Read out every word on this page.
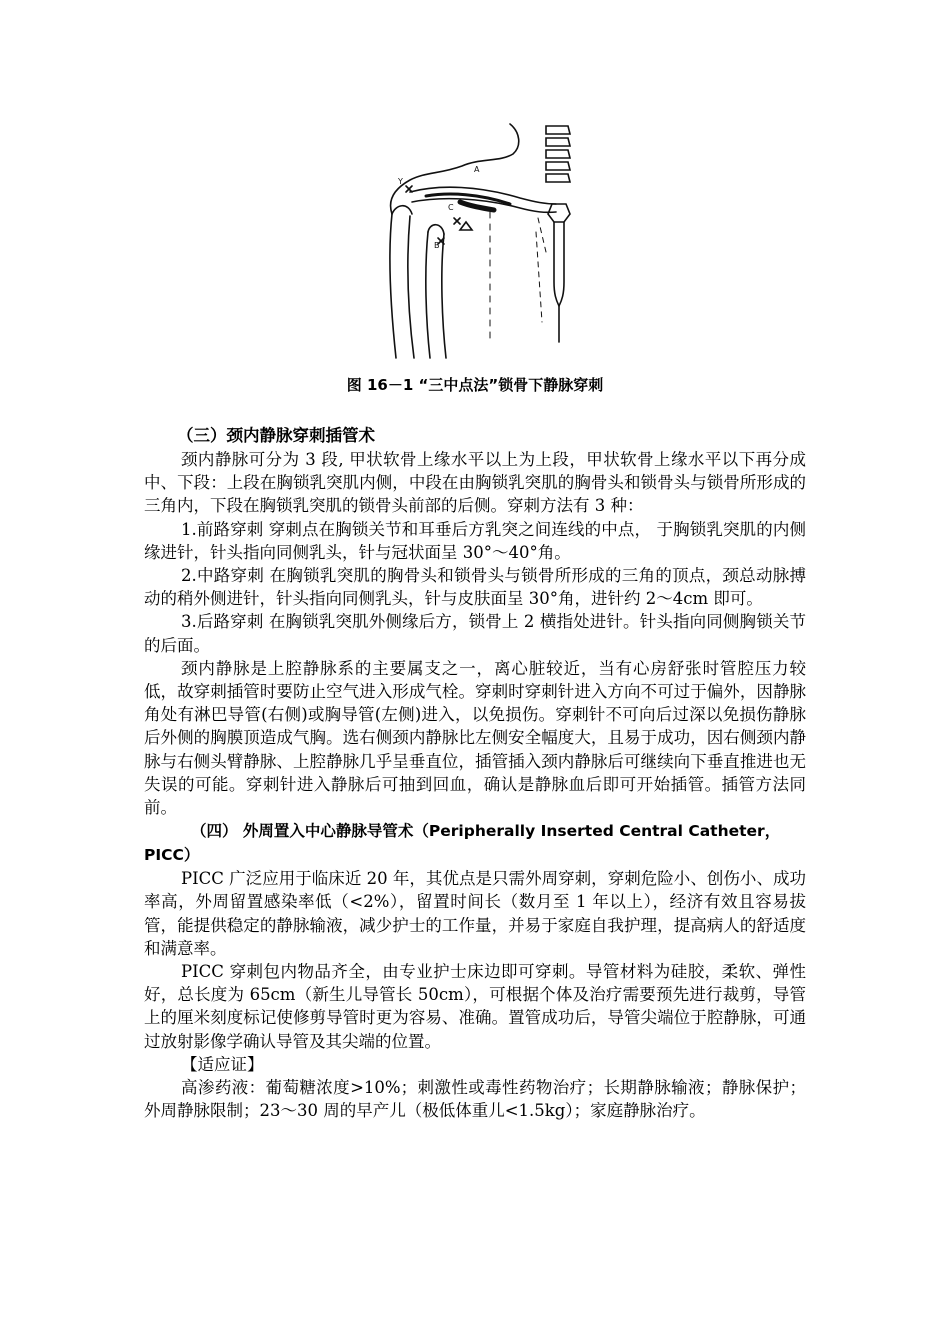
Y
A
C
B
图 16－1 “三中点法”锁骨下静脉穿刺

（三）颈内静脉穿刺插管术

颈内静脉可分为 3 段, 甲状软骨上缘水平以上为上段，甲状软骨上缘水平以下再分成中、下段：上段在胸锁乳突肌内侧，中段在由胸锁乳突肌的胸骨头和锁骨头与锁骨所形成的三角内，下段在胸锁乳突肌的锁骨头前部的后侧。穿刺方法有 3 种：

1.前路穿刺 穿刺点在胸锁关节和耳垂后方乳突之间连线的中点， 于胸锁乳突肌的内侧缘进针，针头指向同侧乳头，针与冠状面呈 30°～40°角。

2.中路穿刺 在胸锁乳突肌的胸骨头和锁骨头与锁骨所形成的三角的顶点，颈总动脉搏动的稍外侧进针，针头指向同侧乳头，针与皮肤面呈 30°角，进针约 2～4cm 即可。

3.后路穿刺 在胸锁乳突肌外侧缘后方，锁骨上 2 横指处进针。针头指向同侧胸锁关节的后面。

颈内静脉是上腔静脉系的主要属支之一，离心脏较近，当有心房舒张时管腔压力较低，故穿刺插管时要防止空气进入形成气栓。穿刺时穿刺针进入方向不可过于偏外，因静脉角处有淋巴导管(右侧)或胸导管(左侧)进入，以免损伤。穿刺针不可向后过深以免损伤静脉后外侧的胸膜顶造成气胸。选右侧颈内静脉比左侧安全幅度大，且易于成功，因右侧颈内静脉与右侧头臂静脉、上腔静脉几乎呈垂直位，插管插入颈内静脉后可继续向下垂直推进也无失误的可能。穿刺针进入静脉后可抽到回血，确认是静脉血后即可开始插管。插管方法同前。

（四） 外周置入中心静脉导管术（Peripherally Inserted Central Catheter，PICC）

PICC 广泛应用于临床近 20 年，其优点是只需外周穿刺，穿刺危险小、创伤小、成功率高，外周留置感染率低（<2%），留置时间长（数月至 1 年以上），经济有效且容易拔管，能提供稳定的静脉输液，减少护士的工作量，并易于家庭自我护理，提高病人的舒适度和满意率。

PICC 穿刺包内物品齐全，由专业护士床边即可穿刺。导管材料为硅胶，柔软、弹性好，总长度为 65cm（新生儿导管长 50cm），可根据个体及治疗需要预先进行裁剪，导管上的厘米刻度标记使修剪导管时更为容易、准确。置管成功后，导管尖端位于腔静脉，可通过放射影像学确认导管及其尖端的位置。

【适应证】

高渗药液：葡萄糖浓度>10%；刺激性或毒性药物治疗；长期静脉输液；静脉保护；外周静脉限制；23～30 周的早产儿（极低体重儿<1.5kg）；家庭静脉治疗。
